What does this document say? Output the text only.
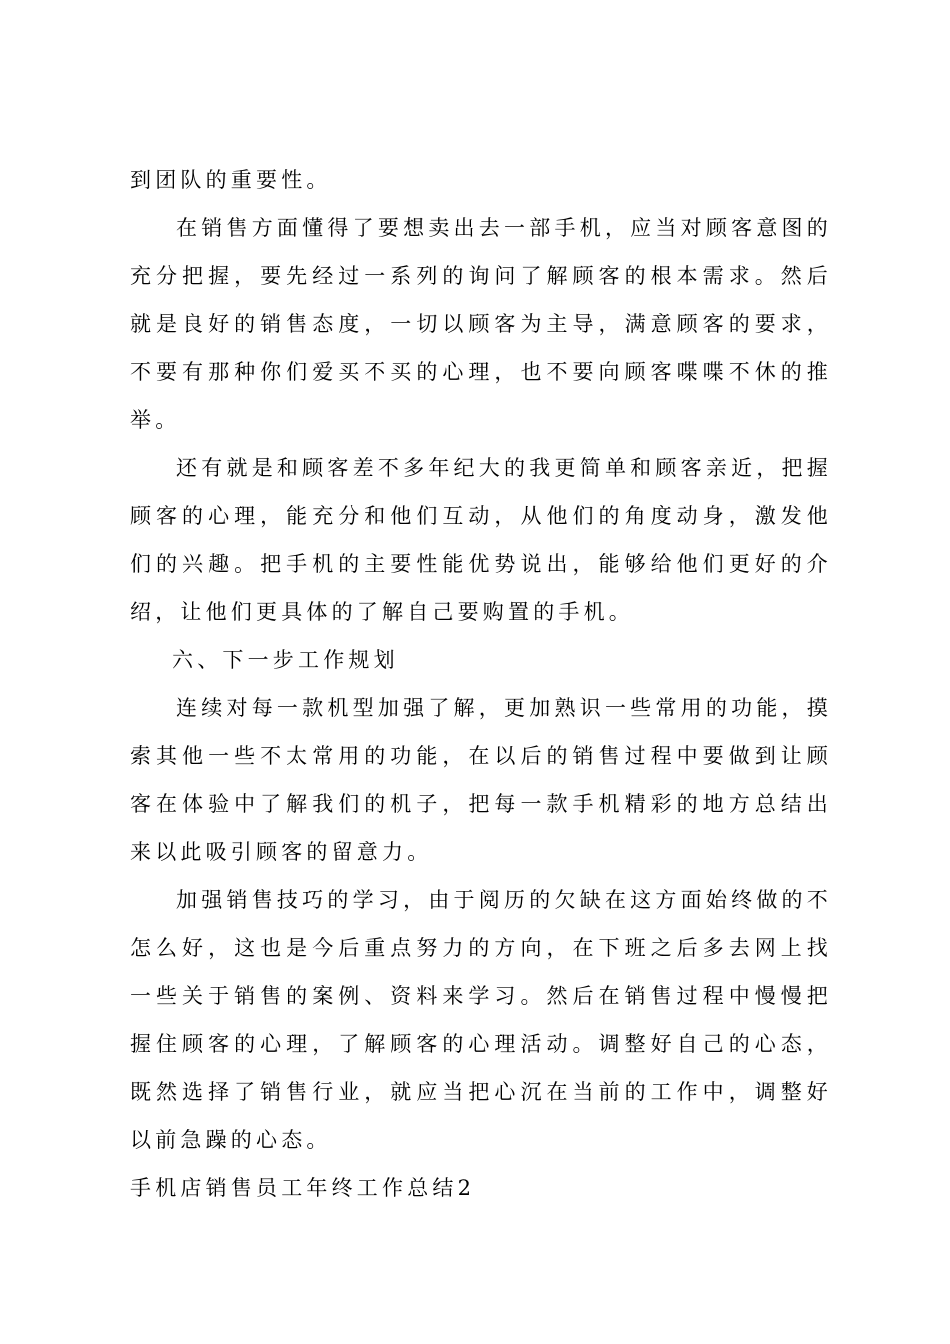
到团队的重要性。

在销售方面懂得了要想卖出去一部手机，应当对顾客意图的充分把握，要先经过一系列的询问了解顾客的根本需求。然后就是良好的销售态度，一切以顾客为主导，满意顾客的要求，不要有那种你们爱买不买的心理，也不要向顾客喋喋不休的推举。

还有就是和顾客差不多年纪大的我更简单和顾客亲近，把握顾客的心理，能充分和他们互动，从他们的角度动身，激发他们的兴趣。把手机的主要性能优势说出，能够给他们更好的介绍，让他们更具体的了解自己要购置的手机。

六、下一步工作规划

连续对每一款机型加强了解，更加熟识一些常用的功能，摸索其他一些不太常用的功能，在以后的销售过程中要做到让顾客在体验中了解我们的机子，把每一款手机精彩的地方总结出来以此吸引顾客的留意力。

加强销售技巧的学习，由于阅历的欠缺在这方面始终做的不怎么好，这也是今后重点努力的方向，在下班之后多去网上找一些关于销售的案例、资料来学习。然后在销售过程中慢慢把握住顾客的心理，了解顾客的心理活动。调整好自己的心态，既然选择了销售行业，就应当把心沉在当前的工作中，调整好以前急躁的心态。

手机店销售员工年终工作总结2
